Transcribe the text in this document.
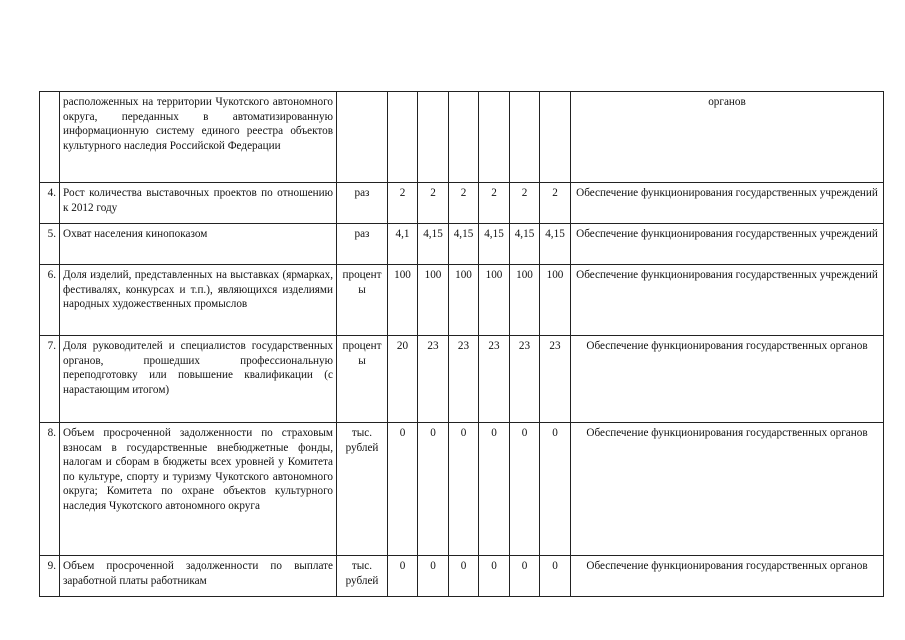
	расположенных на территории Чукотского автономного округа, переданных в автоматизированную информационную систему единого реестра объектов культурного наследия Российской Федерации								органов
4.	Рост количества выставочных проектов по отношению к 2012 году	раз	2	2	2	2	2	2	Обеспечение функционирования государственных учреждений
5.	Охват населения кинопоказом	раз	4,1	4,15	4,15	4,15	4,15	4,15	Обеспечение функционирования государственных учреждений
6.	Доля изделий, представленных на выставках (ярмарках, фестивалях, конкурсах и т.п.), являющихся изделиями народных художественных промыслов	процент ы	100	100	100	100	100	100	Обеспечение функционирования государственных учреждений
7.	Доля руководителей и специалистов государственных органов, прошедших профессиональную переподготовку или повышение квалификации (с нарастающим итогом)	процент ы	20	23	23	23	23	23	Обеспечение функционирования государственных органов
8.	Объем просроченной задолженности по страховым взносам в государственные внебюджетные фонды, налогам и сборам в бюджеты всех уровней у Комитета по культуре, спорту и туризму Чукотского автономного округа; Комитета по охране объектов культурного наследия Чукотского автономного округа	тыс. рублей	0	0	0	0	0	0	Обеспечение функционирования государственных органов
9.	Объем просроченной задолженности по выплате заработной платы работникам	тыс. рублей	0	0	0	0	0	0	Обеспечение функционирования государственных органов
